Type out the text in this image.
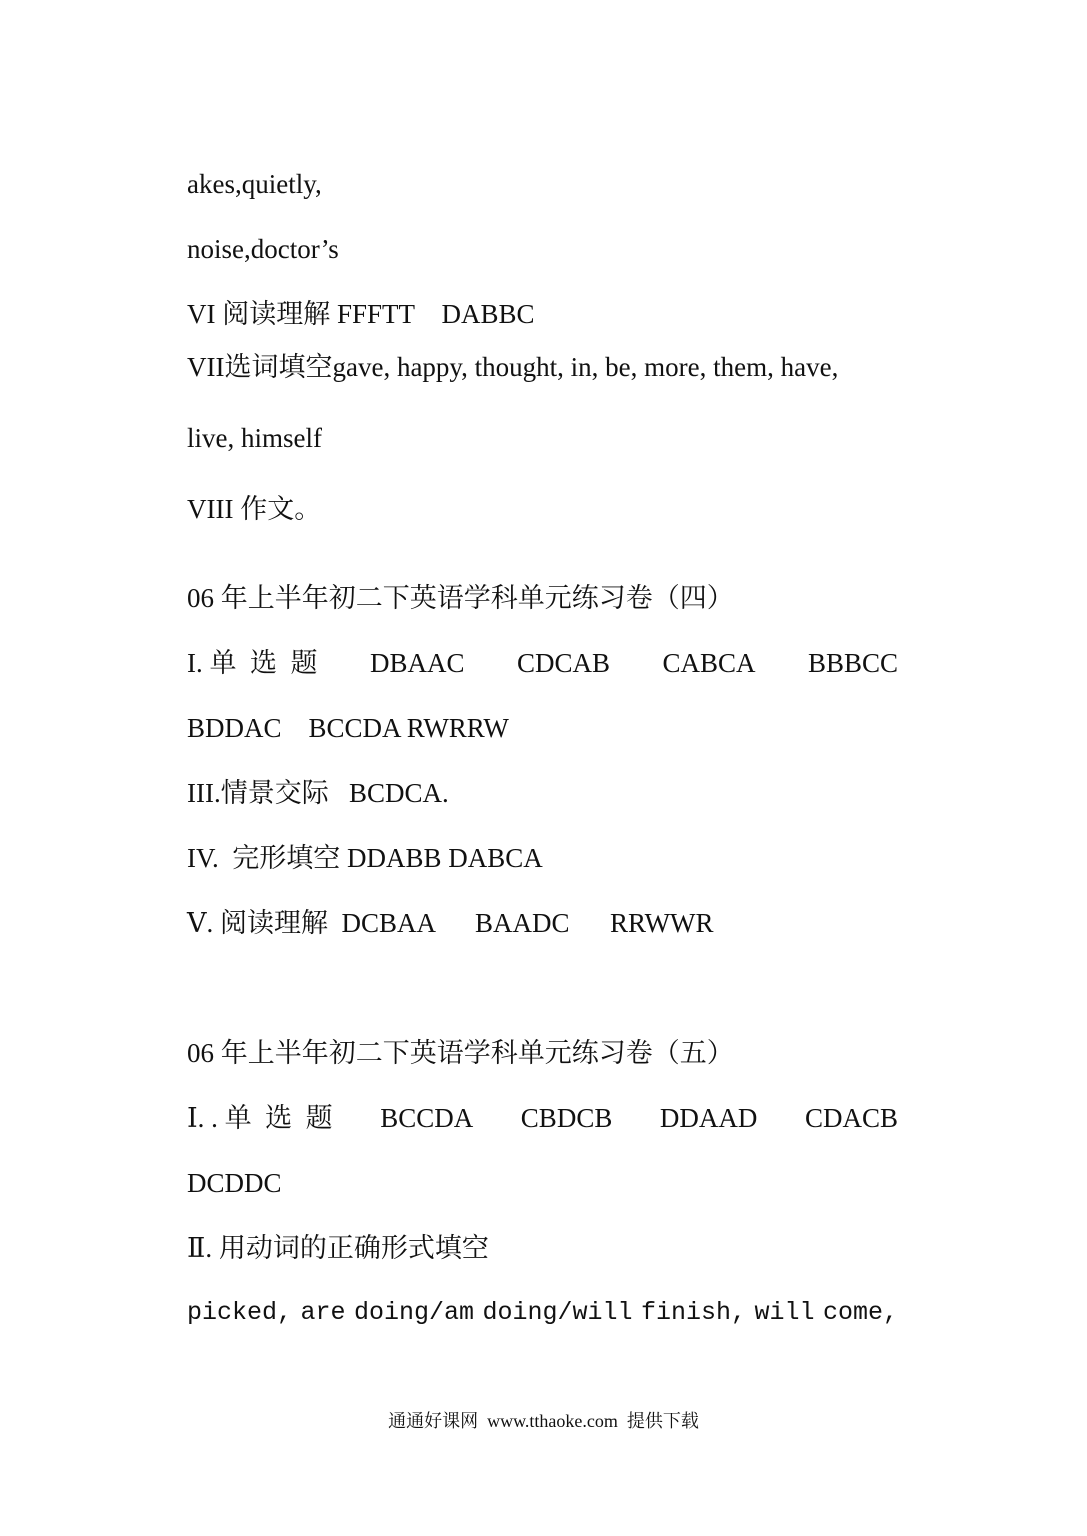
akes,quietly,
noise,doctor’s
VI 阅读理解 FFFTT    DABBC
VII选词填空gave, happy, thought, in, be, more, them, have,
live, himself
VIII 作文。
06 年上半年初二下英语学科单元练习卷（四）
I. 单  选  题 DBAAC CDCAB CABCA BBBCC
BDDAC    BCCDA RWRRW
III.情景交际   BCDCA.
IV.  完形填空 DDABB DABCA
Ⅴ. 阅读理解  DCBAA      BAADC      RRWWR
06 年上半年初二下英语学科单元练习卷（五）
Ⅰ. . 单  选  题 BCCDA CBDCB DDAAD CDACB
DCDDC
Ⅱ. 用动词的正确形式填空
picked, are doing/am doing/will finish, will come,
通通好课网  www.tthaoke.com  提供下载
